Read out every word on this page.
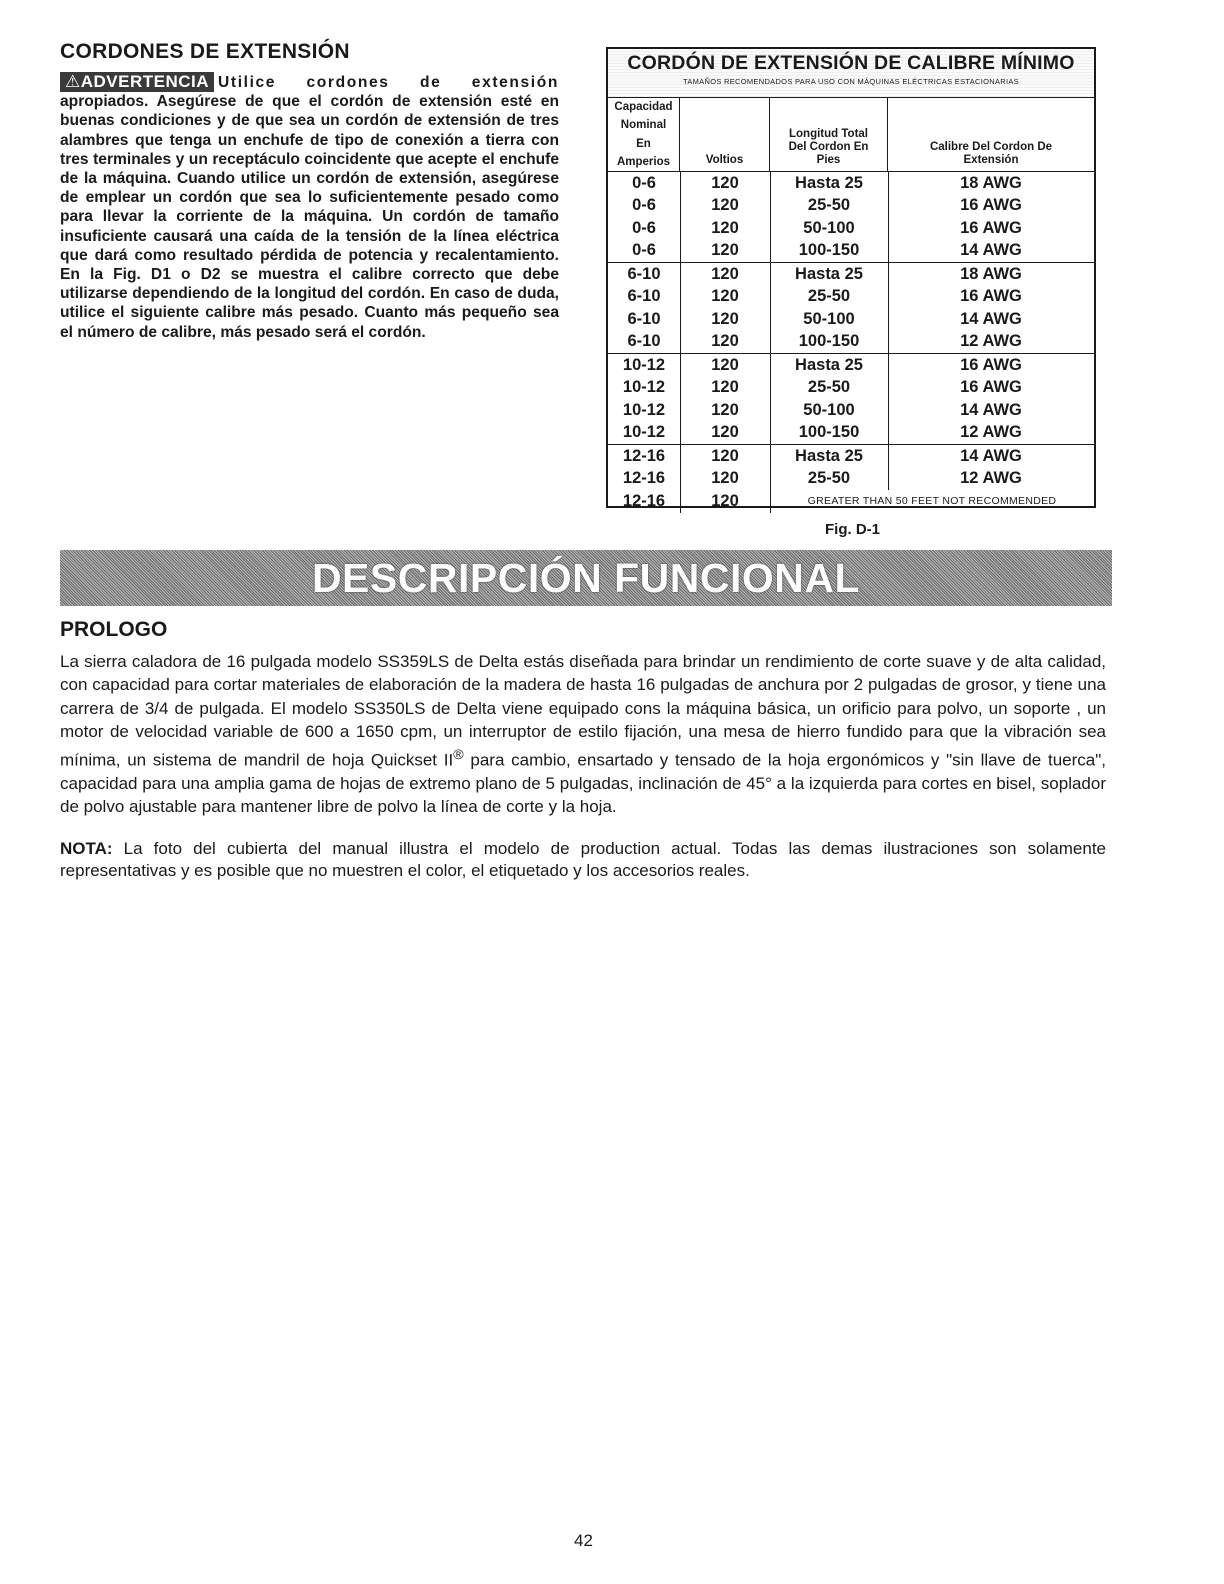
CORDONES DE EXTENSIÓN

⚠ADVERTENCIA Utilice cordones de extensión apropiados. Asegúrese de que el cordón de extensión esté en buenas condiciones y de que sea un cordón de extensión de tres alambres que tenga un enchufe de tipo de conexión a tierra con tres terminales y un receptáculo coincidente que acepte el enchufe de la máquina. Cuando utilice un cordón de extensión, asegúrese de emplear un cordón que sea lo suficientemente pesado como para llevar la corriente de la máquina. Un cordón de tamaño insuficiente causará una caída de la tensión de la línea eléctrica que dará como resultado pérdida de potencia y recalentamiento. En la Fig. D1 o D2 se muestra el calibre correcto que debe utilizarse dependiendo de la longitud del cordón. En caso de duda, utilice el siguiente calibre más pesado. Cuanto más pequeño sea el número de calibre, más pesado será el cordón.

CORDÓN DE EXTENSIÓN DE CALIBRE MÍNIMO
TAMAÑOS RECOMENDADOS PARA USO CON MÁQUINAS ELÉCTRICAS ESTACIONARIAS
Capacidad
Nominal
En
Amperios	Voltios
Longitud Total
Del Cordon En
Pies
Calibre Del Cordon De
Extensión
0-6	120	Hasta 25	18 AWG
0-6	120	25-50	16 AWG
0-6	120	50-100	16 AWG
0-6	120	100-150	14 AWG
6-10	120	Hasta 25	18 AWG
6-10	120	25-50	16 AWG
6-10	120	50-100	14 AWG
6-10	120	100-150	12 AWG
10-12	120	Hasta 25	16 AWG
10-12	120	25-50	16 AWG
10-12	120	50-100	14 AWG
10-12	120	100-150	12 AWG
12-16	120	Hasta 25	14 AWG
12-16	120	25-50	12 AWG
12-16	120	GREATER THAN 50 FEET NOT RECOMMENDED
Fig. D-1
DESCRIPCIÓN FUNCIONAL
PROLOGO

La sierra caladora de 16 pulgada modelo SS359LS de Delta estás diseñada para brindar un rendimiento de corte suave y de alta calidad, con capacidad para cortar materiales de elaboración de la madera de hasta 16 pulgadas de anchura por 2 pulgadas de grosor, y tiene una carrera de 3/4 de pulgada. El modelo SS350LS de Delta viene equipado cons la máquina básica, un orificio para polvo, un soporte , un motor de velocidad variable de 600 a 1650 cpm, un interruptor de estilo fijación, una mesa de hierro fundido para que la vibración sea mínima, un sistema de mandril de hoja Quickset II® para cambio, ensartado y tensado de la hoja ergonómicos y "sin llave de tuerca", capacidad para una amplia gama de hojas de extremo plano de 5 pulgadas, inclinación de 45° a la izquierda para cortes en bisel, soplador de polvo ajustable para mantener libre de polvo la línea de corte y la hoja.

NOTA: La foto del cubierta del manual illustra el modelo de production actual. Todas las demas ilustraciones son solamente representativas y es posible que no muestren el color, el etiquetado y los accesorios reales.

42
